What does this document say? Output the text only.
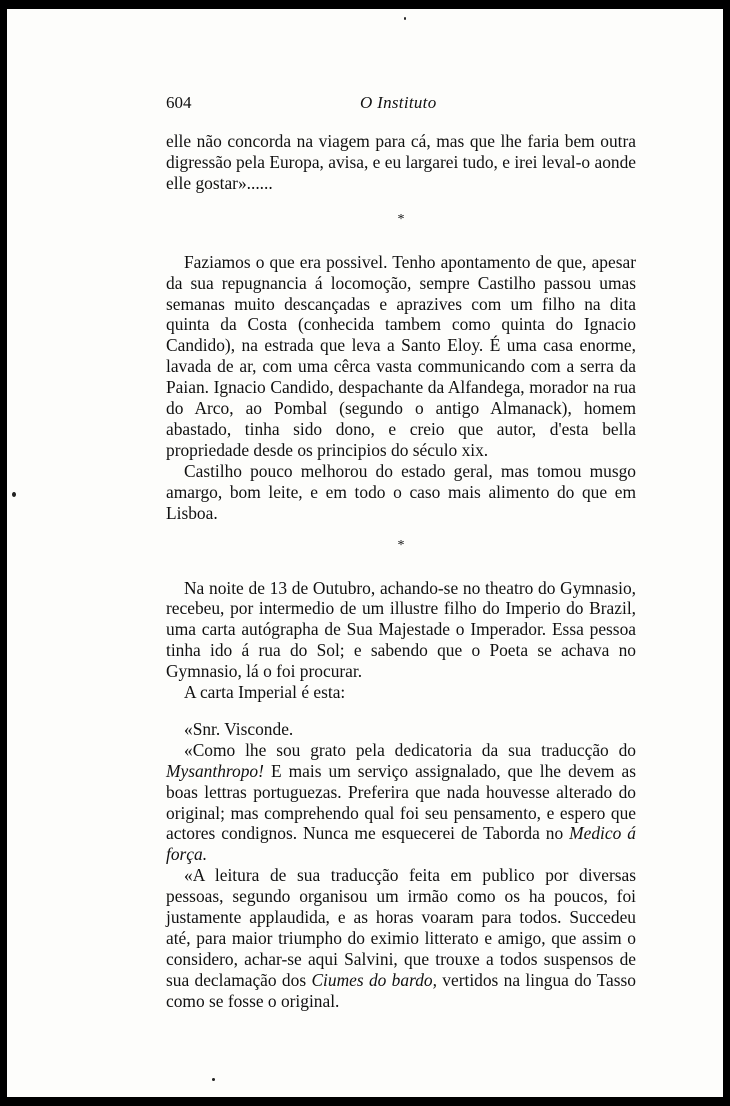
604	O Instituto

elle não concorda na viagem para cá, mas que lhe faria bem outra digressão pela Europa, avisa, e eu largarei tudo, e irei leval-o aonde elle gostar»......

*

Faziamos o que era possivel. Tenho apontamento de que, apesar da sua repugnancia á locomoção, sempre Castilho passou umas semanas muito descançadas e aprazives com um filho na dita quinta da Costa (conhecida tambem como quinta do Ignacio Candido), na estrada que leva a Santo Eloy. É uma casa enorme, lavada de ar, com uma cêrca vasta communicando com a serra da Paian. Ignacio Candido, despachante da Alfandega, morador na rua do Arco, ao Pombal (segundo o antigo Almanack), homem abastado, tinha sido dono, e creio que autor, d'esta bella propriedade desde os principios do século xix.

Castilho pouco melhorou do estado geral, mas tomou musgo amargo, bom leite, e em todo o caso mais alimento do que em Lisboa.

*

Na noite de 13 de Outubro, achando-se no theatro do Gymnasio, recebeu, por intermedio de um illustre filho do Imperio do Brazil, uma carta autógrapha de Sua Majestade o Imperador. Essa pessoa tinha ido á rua do Sol; e sabendo que o Poeta se achava no Gymnasio, lá o foi procurar.

A carta Imperial é esta:

«Snr. Visconde.

«Como lhe sou grato pela dedicatoria da sua traducção do Mysanthropo! E mais um serviço assignalado, que lhe devem as boas lettras portuguezas. Preferira que nada houvesse alterado do original; mas comprehendo qual foi seu pensamento, e espero que actores condignos. Nunca me esquecerei de Taborda no Medico á força.

«A leitura de sua traducção feita em publico por diversas pessoas, segundo organisou um irmão como os ha poucos, foi justamente applaudida, e as horas voaram para todos. Succedeu até, para maior triumpho do eximio litterato e amigo, que assim o considero, achar-se aqui Salvini, que trouxe a todos suspensos de sua declamação dos Ciumes do bardo, vertidos na lingua do Tasso como se fosse o original.
